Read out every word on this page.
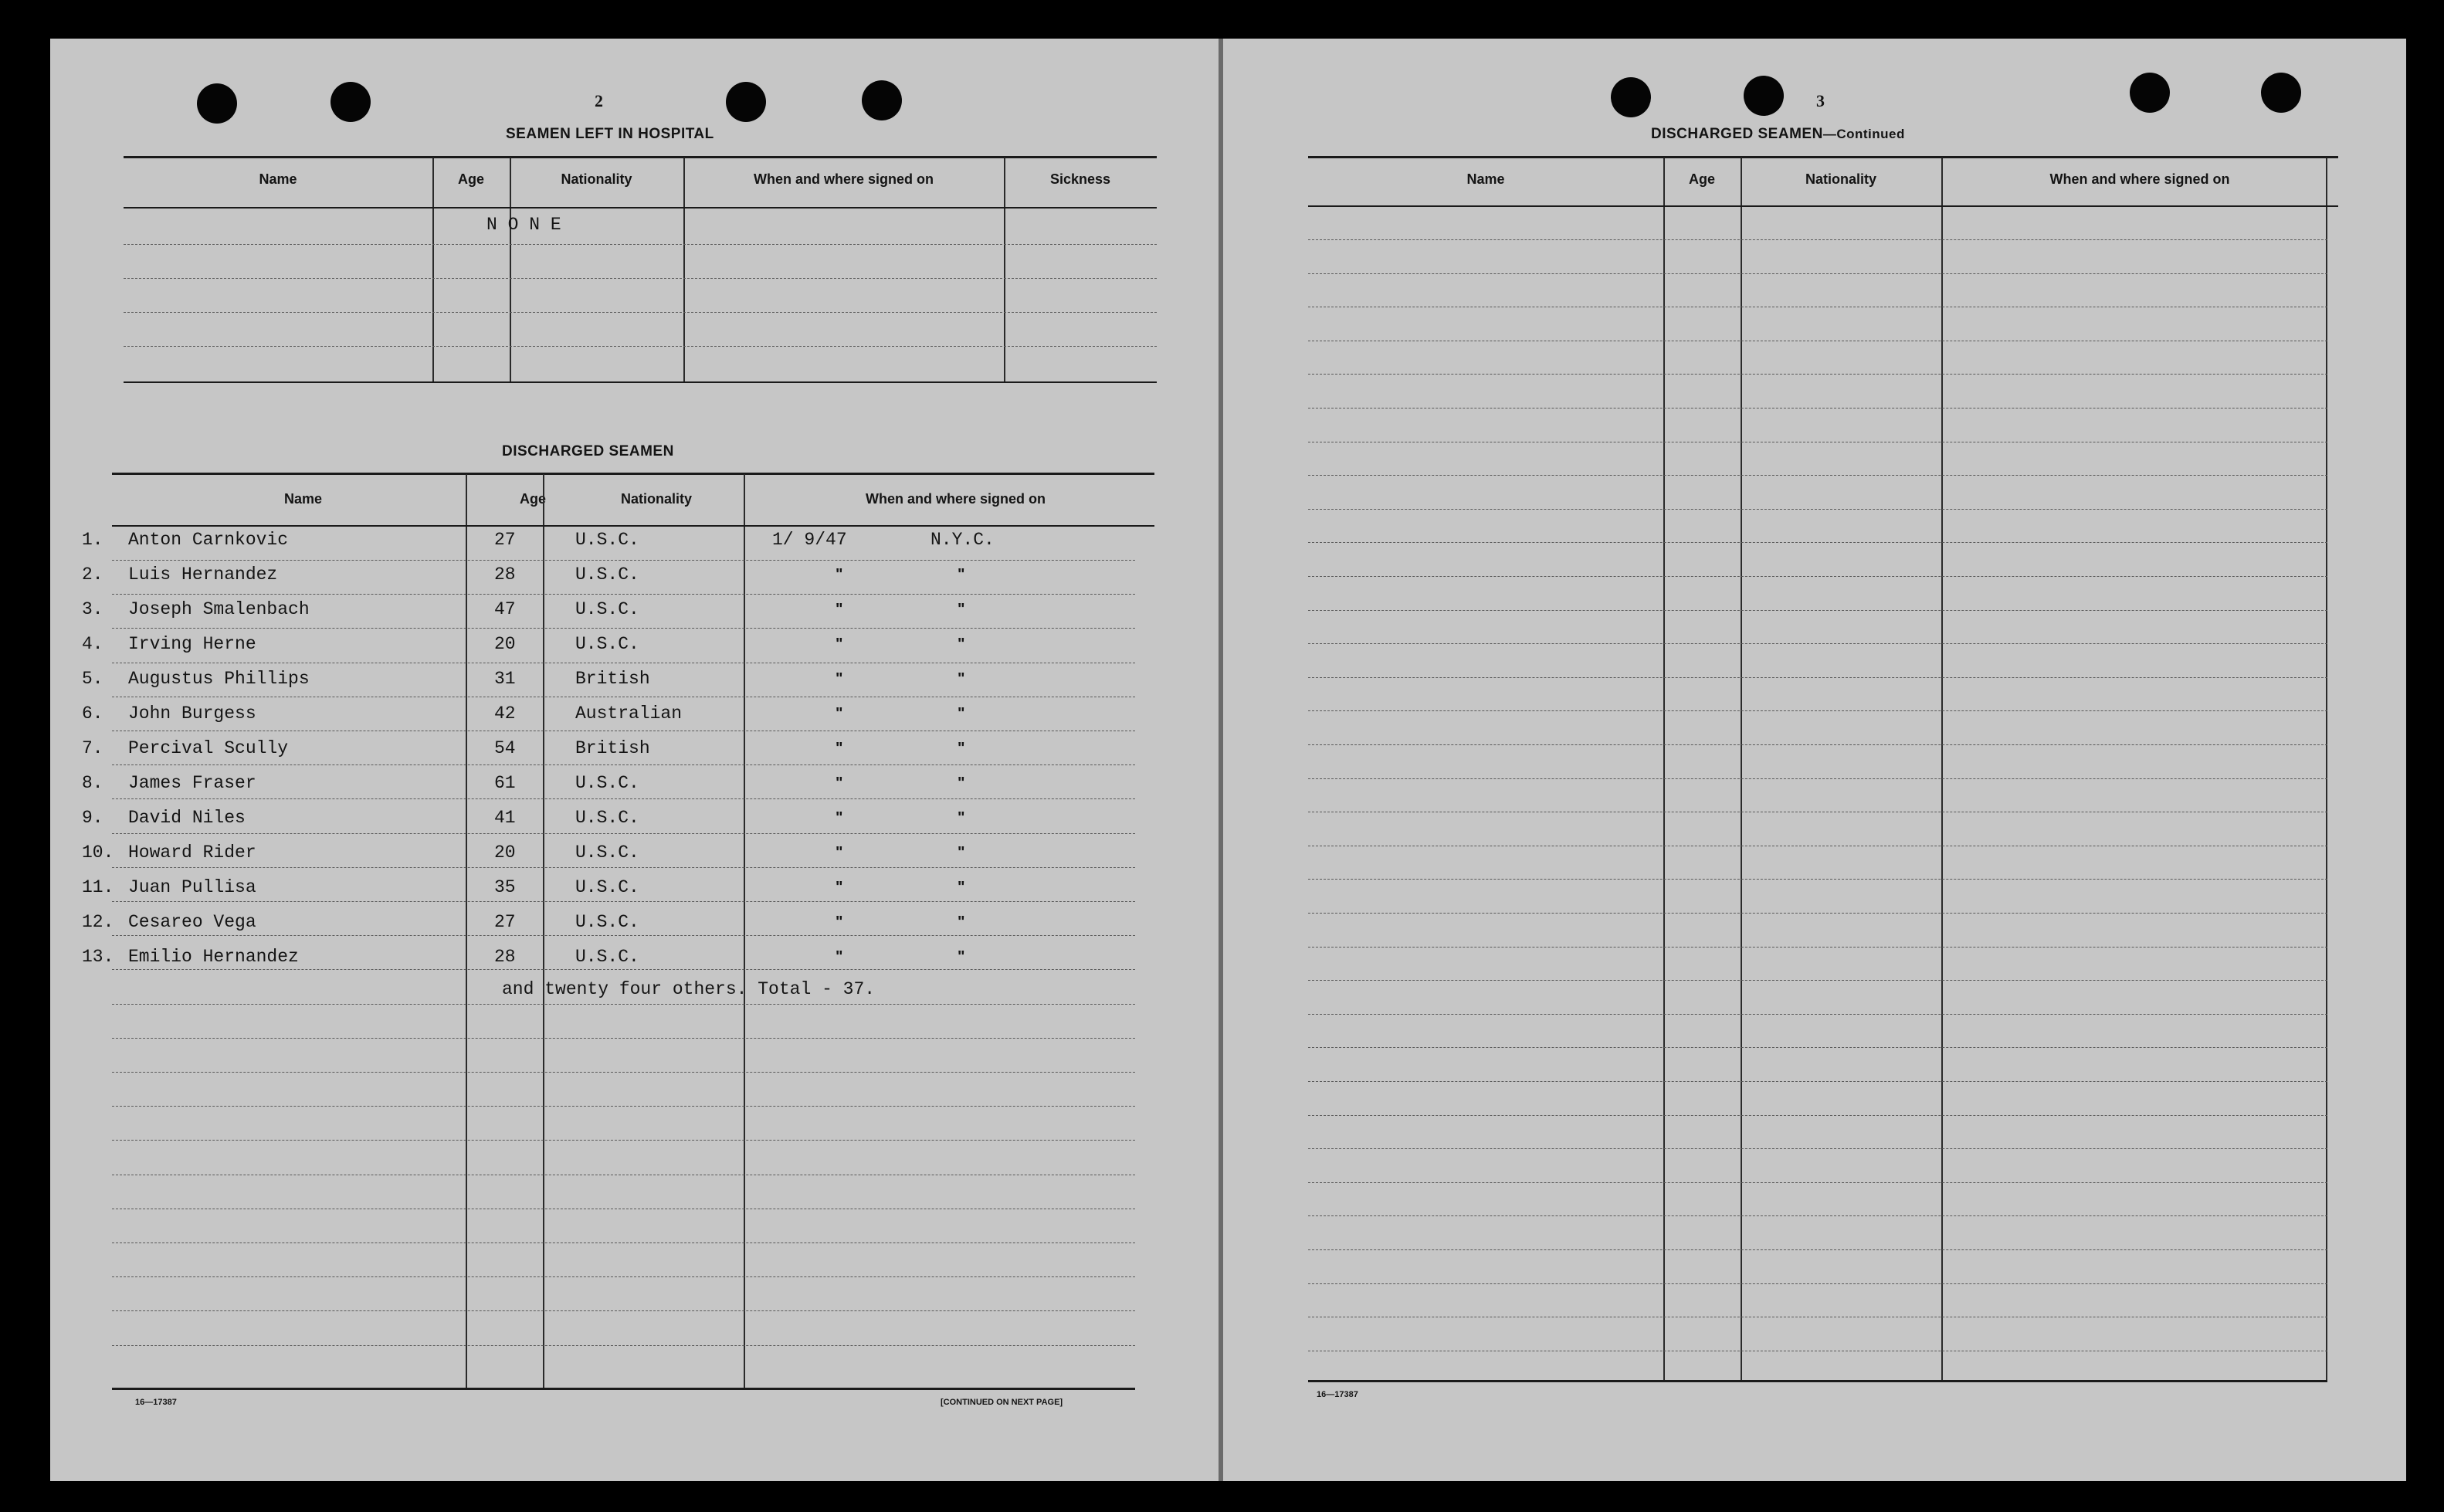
2
SEAMEN LEFT IN HOSPITAL
Name	Age	Nationality	When and where signed on	Sickness
N O N E
DISCHARGED SEAMEN
Name	Age	Nationality	When and where signed on
1. Anton Carnkovic	27	U.S.C.	1/ 9/47	N.Y.C.
2. Luis Hernandez	28	U.S.C.	"	"
3. Joseph Smalenbach	47	U.S.C.	"	"
4. Irving Herne	20	U.S.C.	"	"
5. Augustus Phillips	31	British	"	"
6. John Burgess	42	Australian	"	"
7. Percival Scully	54	British	"	"
8. James Fraser	61	U.S.C.	"	"
9. David Niles	41	U.S.C.	"	"
10. Howard Rider	20	U.S.C.	"	"
11. Juan Pullisa	35	U.S.C.	"	"
12. Cesareo Vega	27	U.S.C.	"	"
13. Emilio Hernandez	28	U.S.C.	"	"
and twenty four others. Total - 37.
16—17387	[CONTINUED ON NEXT PAGE]
3
DISCHARGED SEAMEN—Continued
Name	Age	Nationality	When and where signed on
16—17387
